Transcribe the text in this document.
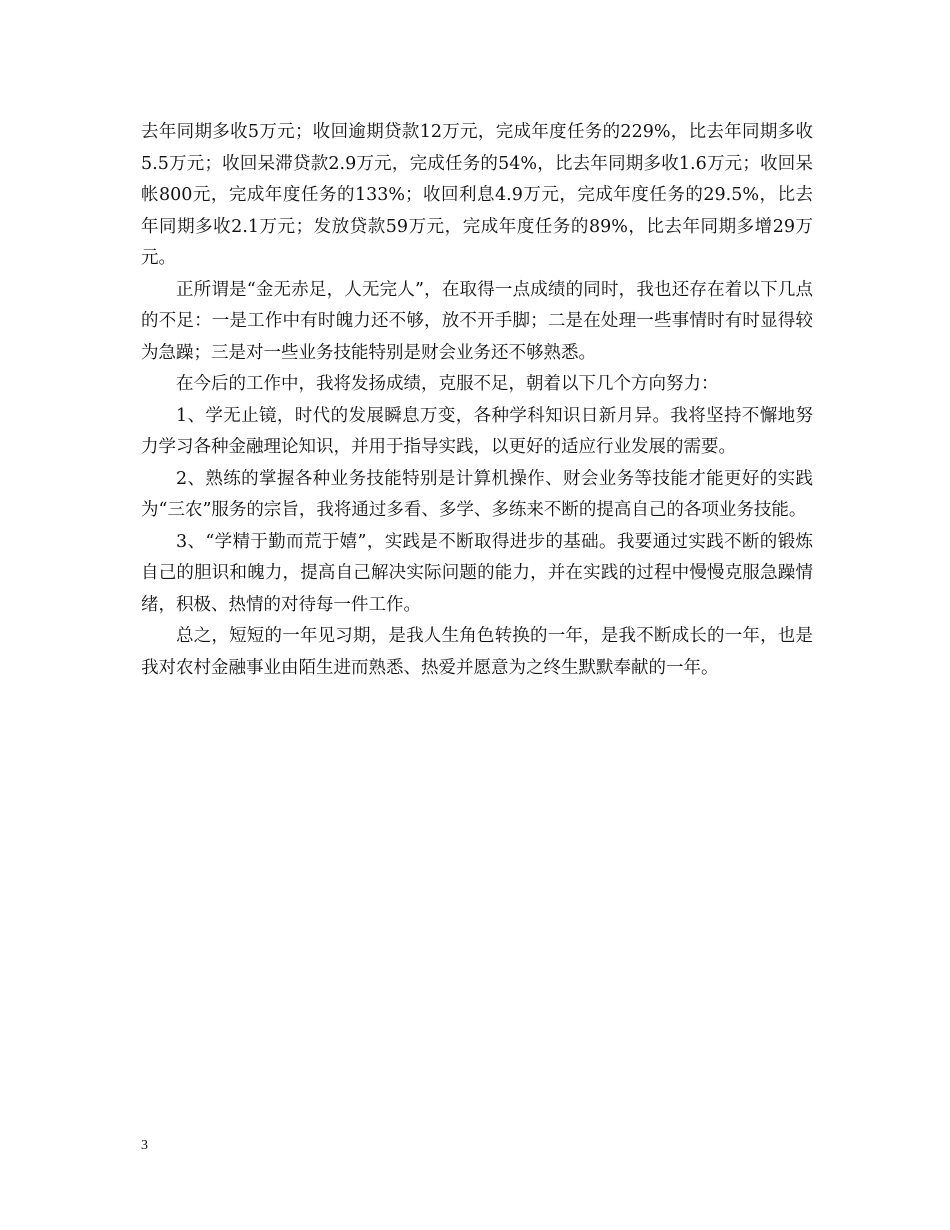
去年同期多收5万元；收回逾期贷款12万元，完成年度任务的229%，比去年同期多收5.5万元；收回呆滞贷款2.9万元，完成任务的54%，比去年同期多收1.6万元；收回呆帐800元，完成年度任务的133%；收回利息4.9万元，完成年度任务的29.5%，比去年同期多收2.1万元；发放贷款59万元，完成年度任务的89%，比去年同期多增29万元。

正所谓是“金无赤足，人无完人”，在取得一点成绩的同时，我也还存在着以下几点的不足：一是工作中有时魄力还不够，放不开手脚；二是在处理一些事情时有时显得较为急躁；三是对一些业务技能特别是财会业务还不够熟悉。

在今后的工作中，我将发扬成绩，克服不足，朝着以下几个方向努力：

1、学无止镜，时代的发展瞬息万变，各种学科知识日新月异。我将坚持不懈地努力学习各种金融理论知识，并用于指导实践，以更好的适应行业发展的需要。

2、熟练的掌握各种业务技能特别是计算机操作、财会业务等技能才能更好的实践为“三农”服务的宗旨，我将通过多看、多学、多练来不断的提高自己的各项业务技能。

3、“学精于勤而荒于嬉”，实践是不断取得进步的基础。我要通过实践不断的锻炼自己的胆识和魄力，提高自己解决实际问题的能力，并在实践的过程中慢慢克服急躁情绪，积极、热情的对待每一件工作。

总之，短短的一年见习期，是我人生角色转换的一年，是我不断成长的一年，也是我对农村金融事业由陌生进而熟悉、热爱并愿意为之终生默默奉献的一年。

3
